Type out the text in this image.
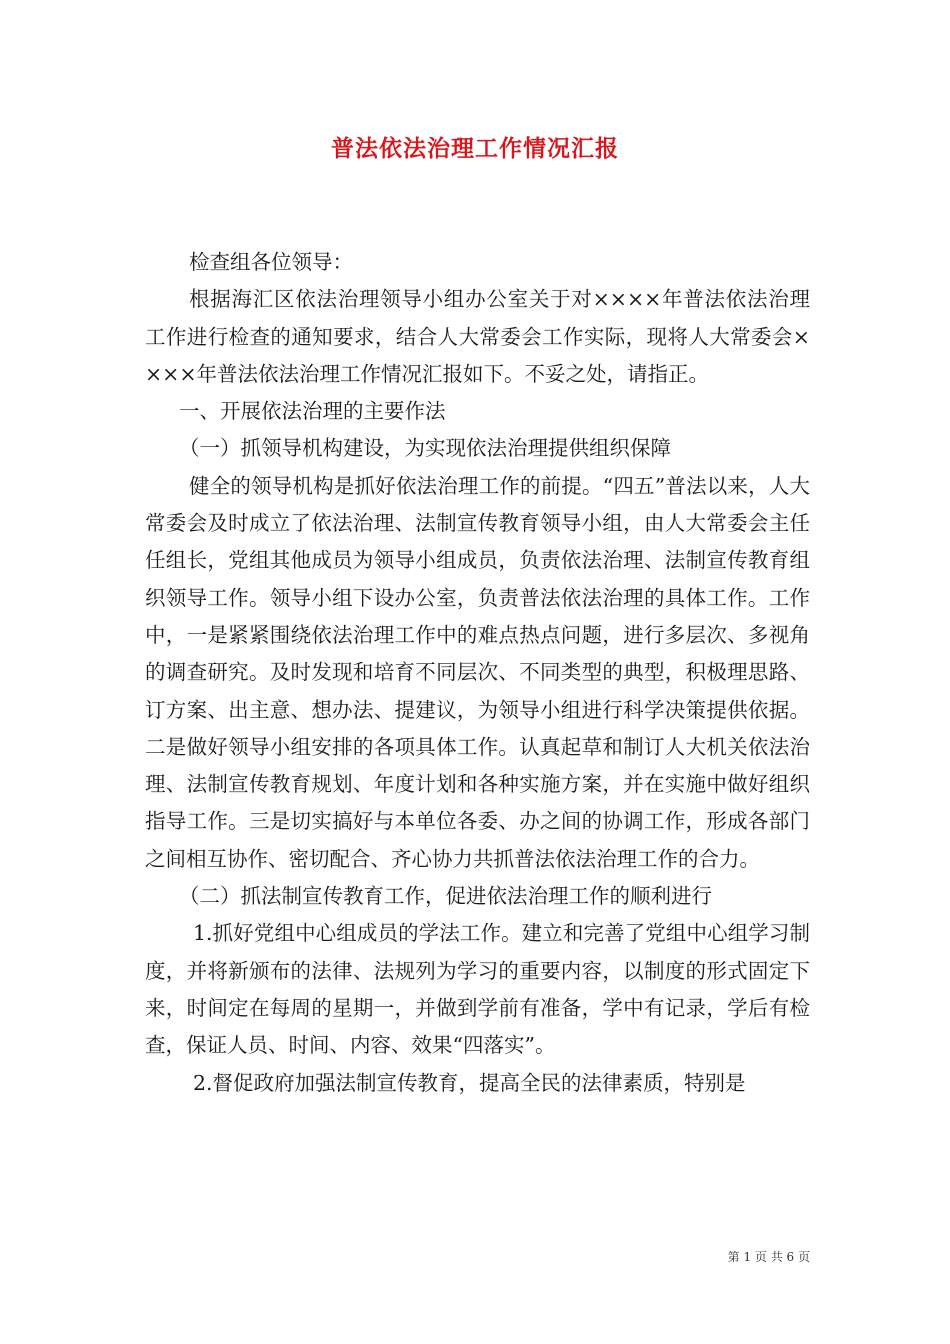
普法依法治理工作情况汇报

检查组各位领导：

根据海汇区依法治理领导小组办公室关于对××××年普法依法治理工作进行检查的通知要求，结合人大常委会工作实际，现将人大常委会××××年普法依法治理工作情况汇报如下。不妥之处，请指正。

一、开展依法治理的主要作法

（一）抓领导机构建设，为实现依法治理提供组织保障

健全的领导机构是抓好依法治理工作的前提。“四五”普法以来，人大常委会及时成立了依法治理、法制宣传教育领导小组，由人大常委会主任任组长，党组其他成员为领导小组成员，负责依法治理、法制宣传教育组织领导工作。领导小组下设办公室，负责普法依法治理的具体工作。工作中，一是紧紧围绕依法治理工作中的难点热点问题，进行多层次、多视角的调查研究。及时发现和培育不同层次、不同类型的典型，积极理思路、订方案、出主意、想办法、提建议，为领导小组进行科学决策提供依据。二是做好领导小组安排的各项具体工作。认真起草和制订人大机关依法治理、法制宣传教育规划、年度计划和各种实施方案，并在实施中做好组织指导工作。三是切实搞好与本单位各委、办之间的协调工作，形成各部门之间相互协作、密切配合、齐心协力共抓普法依法治理工作的合力。

（二）抓法制宣传教育工作，促进依法治理工作的顺利进行

1.抓好党组中心组成员的学法工作。建立和完善了党组中心组学习制度，并将新颁布的法律、法规列为学习的重要内容，以制度的形式固定下来，时间定在每周的星期一，并做到学前有准备，学中有记录，学后有检查，保证人员、时间、内容、效果“四落实”。

2.督促政府加强法制宣传教育，提高全民的法律素质，特别是

第 1 页 共 6 页
